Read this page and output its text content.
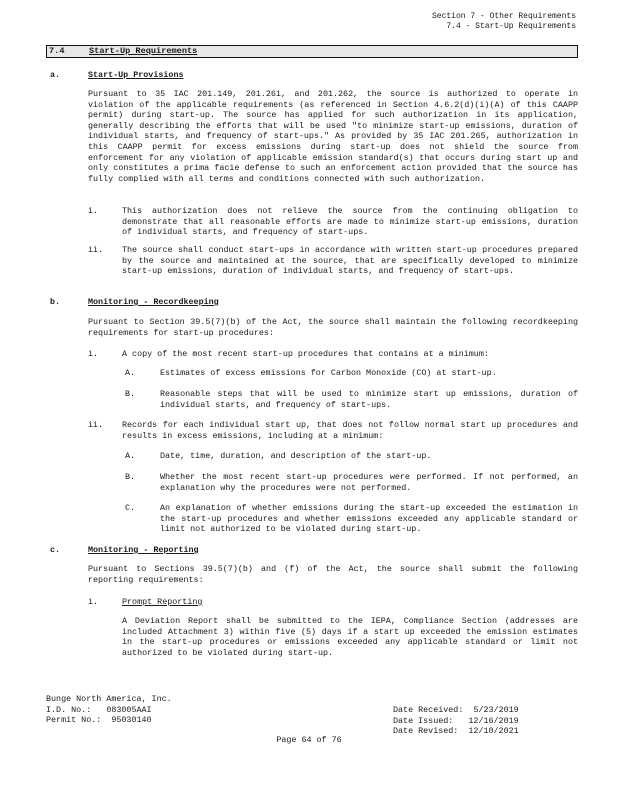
Section 7 - Other Requirements
7.4 - Start-Up Requirements
7.4	Start-Up Requirements
a.	Start-Up Provisions
Pursuant to 35 IAC 201.149, 201.261, and 201.262, the source is authorized to operate in violation of the applicable requirements (as referenced in Section 4.6.2(d)(i)(A) of this CAAPP permit) during start-up. The source has applied for such authorization in its application, generally describing the efforts that will be used "to minimize start-up emissions, duration of individual starts, and frequency of start-ups." As provided by 35 IAC 201.265, authorization in this CAAPP permit for excess emissions during start-up does not shield the source from enforcement for any violation of applicable emission standard(s) that occurs during start up and only constitutes a prima facie defense to such an enforcement action provided that the source has fully complied with all terms and conditions connected with such authorization.
i.	This authorization does not relieve the source from the continuing obligation to demonstrate that all reasonable efforts are made to minimize start-up emissions, duration of individual starts, and frequency of start-ups.
ii. The source shall conduct start-ups in accordance with written start-up procedures prepared by the source and maintained at the source, that are specifically developed to minimize start-up emissions, duration of individual starts, and frequency of start-ups.
b.	Monitoring - Recordkeeping
Pursuant to Section 39.5(7)(b) of the Act, the source shall maintain the following recordkeeping requirements for start-up procedures:
i.	A copy of the most recent start-up procedures that contains at a minimum:
A.	Estimates of excess emissions for Carbon Monoxide (CO) at start-up.
B.	Reasonable steps that will be used to minimize start up emissions, duration of individual starts, and frequency of start-ups.
ii. Records for each individual start up, that does not follow normal start up procedures and results in excess emissions, including at a minimum:
A.	Date, time, duration, and description of the start-up.
B.	Whether the most recent start-up procedures were performed. If not performed, an explanation why the procedures were not performed.
C.	An explanation of whether emissions during the start-up exceeded the estimation in the start-up procedures and whether emissions exceeded any applicable standard or limit not authorized to be violated during start-up.
c.	Monitoring - Reporting
Pursuant to Sections 39.5(7)(b) and (f) of the Act, the source shall submit the following reporting requirements:
i.	Prompt Reporting
A Deviation Report shall be submitted to the IEPA, Compliance Section (addresses are included Attachment 3) within five (5) days if a start up exceeded the emission estimates in the start-up procedures or emissions exceeded any applicable standard or limit not authorized to be violated during start-up.
Bunge North America, Inc.
I.D. No.: 083005AAI
Permit No.: 95030140
Date Received: 5/23/2019
Date Issued: 12/16/2019
Date Revised: 12/10/2021
Page 64 of 76
